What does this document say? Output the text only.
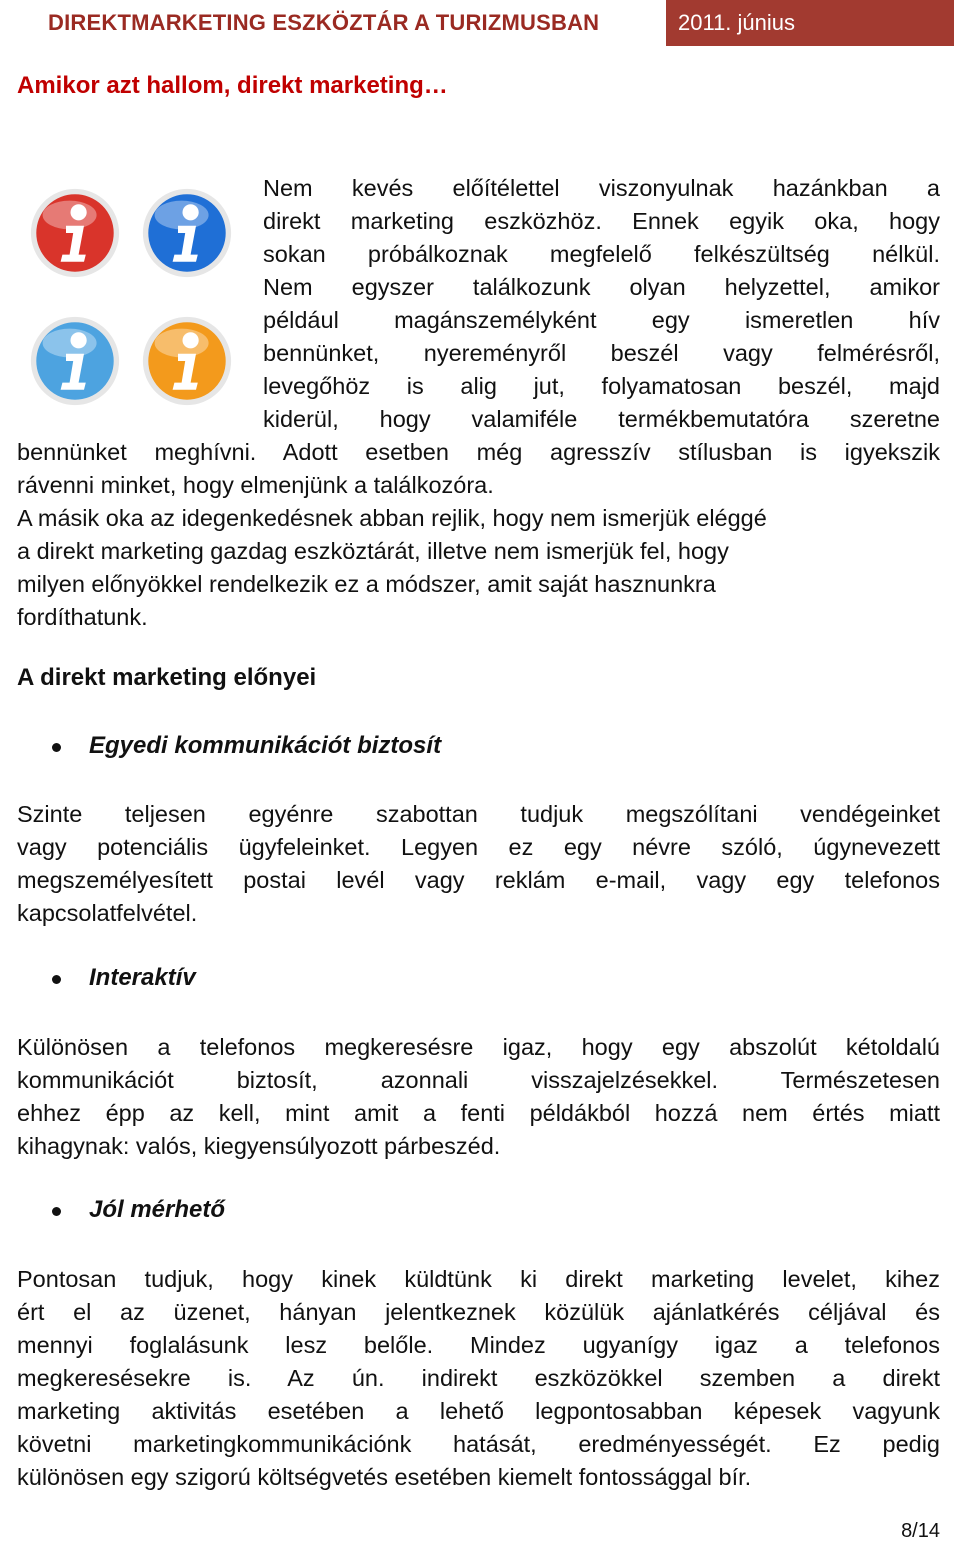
DIREKTMARKETING ESZKÖZTÁR A TURIZMUSBAN	2011. június
Amikor azt hallom, direkt marketing…
Nem kevés előítélettel viszonyulnak hazánkban a
direkt marketing eszközhöz. Ennek egyik oka, hogy
sokan próbálkoznak megfelelő felkészültség nélkül.
Nem egyszer találkozunk olyan helyzettel, amikor
például magánszemélyként egy ismeretlen hív
bennünket, nyereményről beszél vagy felmérésről,
levegőhöz is alig jut, folyamatosan beszél, majd
kiderül, hogy valamiféle termékbemutatóra szeretne
bennünket meghívni. Adott esetben még agresszív stílusban is igyekszik
rávenni minket, hogy elmenjünk a találkozóra.
A másik oka az idegenkedésnek abban rejlik, hogy nem ismerjük eléggé
a direkt marketing gazdag eszköztárát, illetve nem ismerjük fel, hogy
milyen előnyökkel rendelkezik ez a módszer, amit saját hasznunkra
fordíthatunk.
A direkt marketing előnyei
Egyedi kommunikációt biztosít
Szinte teljesen egyénre szabottan tudjuk megszólítani vendégeinket
vagy potenciális ügyfeleinket. Legyen ez egy névre szóló, úgynevezett
megszemélyesített postai levél vagy reklám e-mail, vagy egy telefonos
kapcsolatfelvétel.
Interaktív
Különösen a telefonos megkeresésre igaz, hogy egy abszolút kétoldalú
kommunikációt biztosít, azonnali visszajelzésekkel. Természetesen
ehhez épp az kell, mint amit a fenti példákból hozzá nem értés miatt
kihagynak: valós, kiegyensúlyozott párbeszéd.
Jól mérhető
Pontosan tudjuk, hogy kinek küldtünk ki direkt marketing levelet, kihez
ért el az üzenet, hányan jelentkeznek közülük ajánlatkérés céljával és
mennyi foglalásunk lesz belőle. Mindez ugyanígy igaz a telefonos
megkeresésekre is. Az ún. indirekt eszközökkel szemben a direkt
marketing aktivitás esetében a lehető legpontosabban képesek vagyunk
követni marketingkommunikációnk hatását, eredményességét. Ez pedig
különösen egy szigorú költségvetés esetében kiemelt fontossággal bír.
8/14
